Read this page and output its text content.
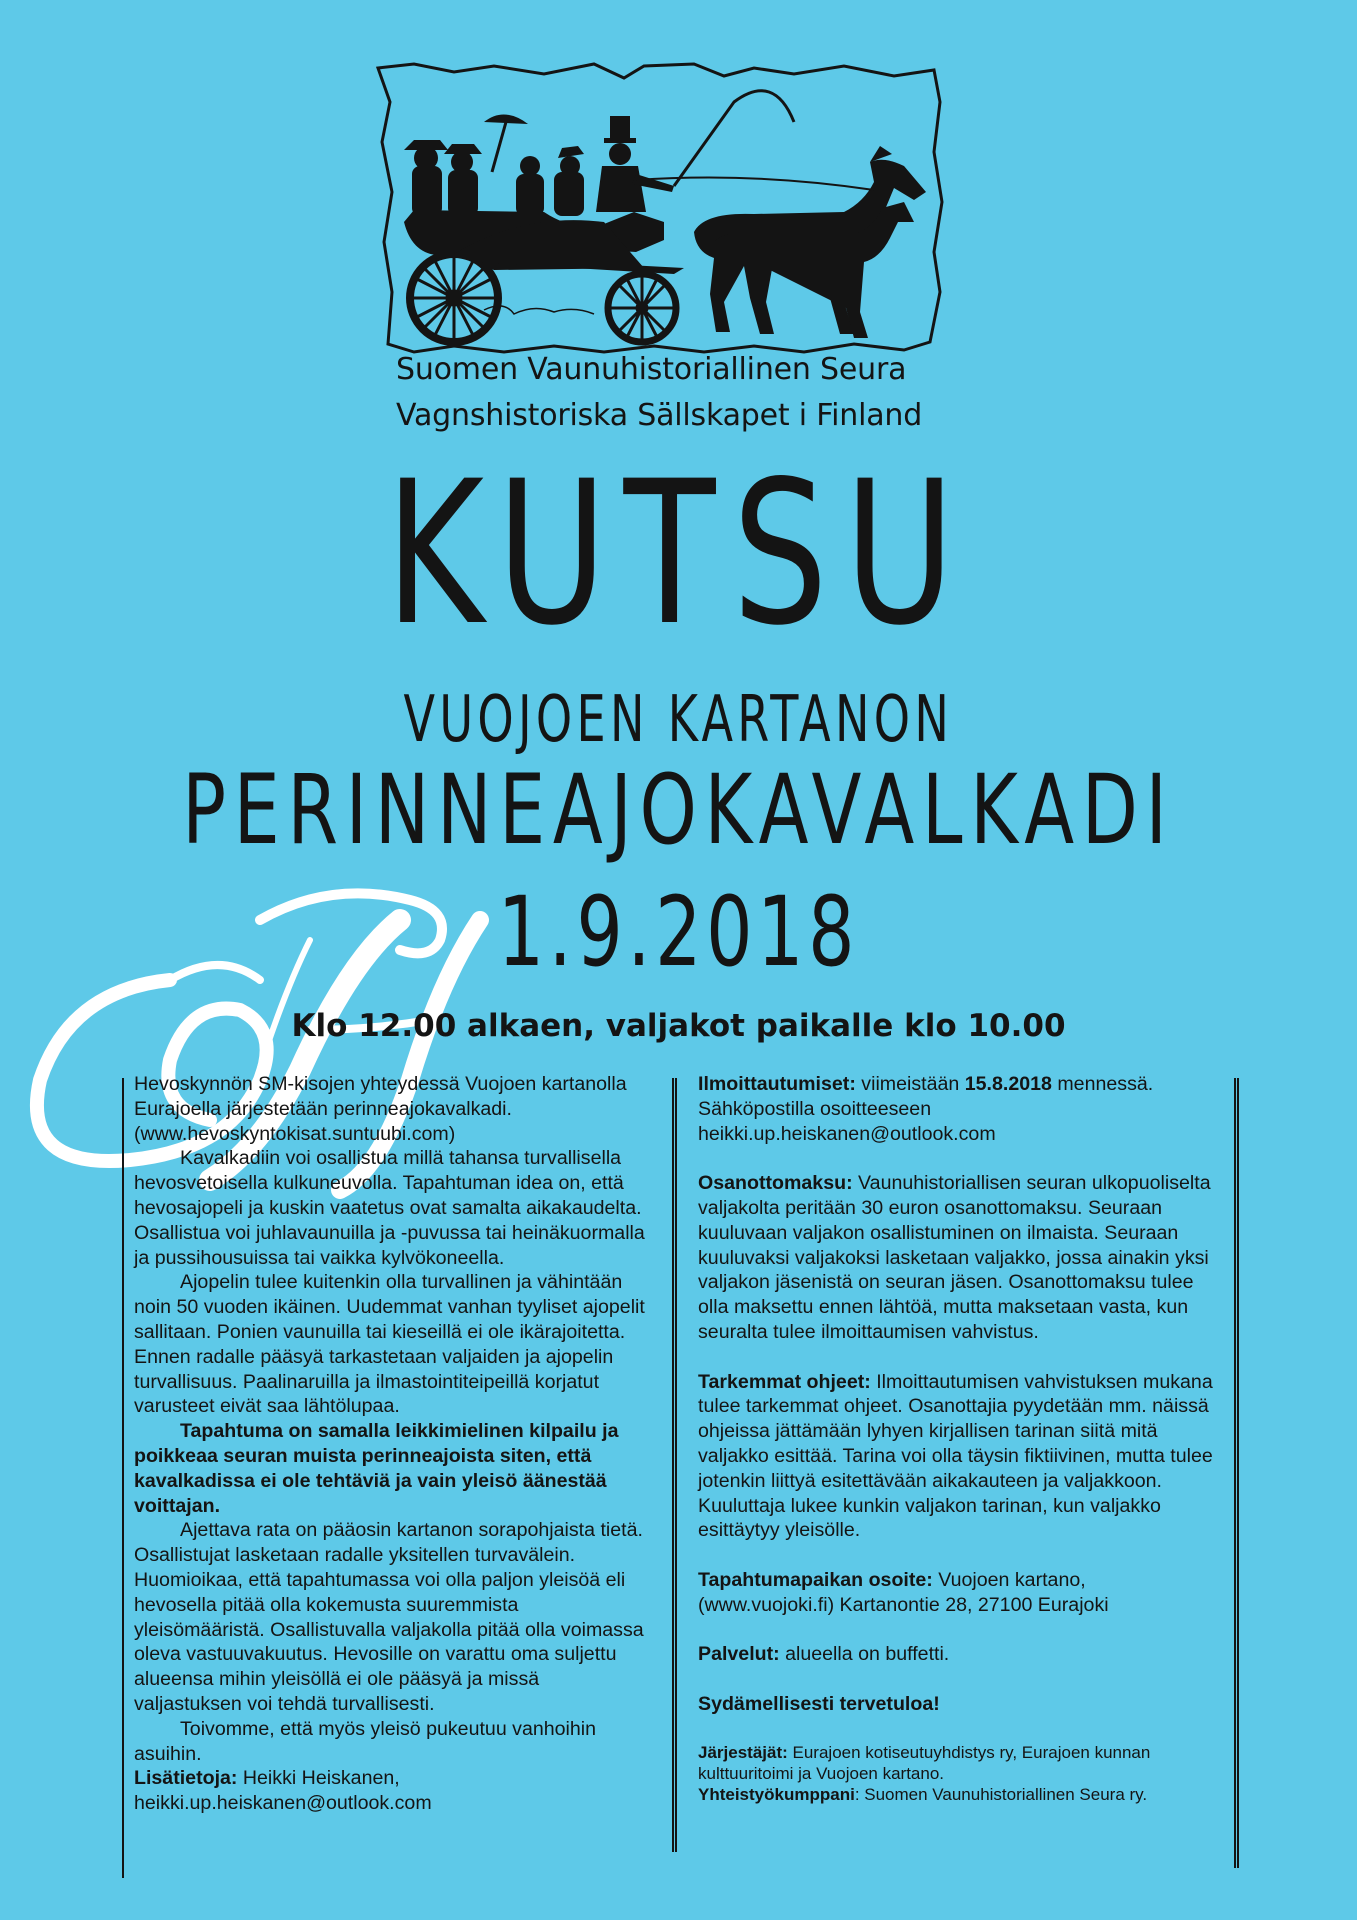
Suomen Vaunuhistoriallinen Seura
Vagnshistoriska Sällskapet i Finland
KUTSU
VUOJOEN KARTANON
PERINNEAJOKAVALKADI
1.9.2018
Klo 12.00 alkaen, valjakot paikalle klo 10.00

Hevoskynnön SM-kisojen yhteydessä Vuojoen kartanolla Eurajoella järjestetään perinneajokavalkadi. (www.hevoskyntokisat.suntuubi.com)

Kavalkadiin voi osallistua millä tahansa turvallisella hevosvetoisella kulkuneuvolla. Tapahtuman idea on, että hevosajopeli ja kuskin vaatetus ovat samalta aikakaudelta. Osallistua voi juhlavaunuilla ja -puvussa tai heinäkuormalla ja pussihousuissa tai vaikka kylvökoneella.

Ajopelin tulee kuitenkin olla turvallinen ja vähintään noin 50 vuoden ikäinen. Uudemmat vanhan tyyliset ajopelit sallitaan. Ponien vaunuilla tai kieseillä ei ole ikärajoitetta. Ennen radalle pääsyä tarkastetaan valjaiden ja ajopelin turvallisuus. Paalinaruilla ja ilmastointiteipeillä korjatut varusteet eivät saa lähtölupaa.

Tapahtuma on samalla leikkimielinen kilpailu ja poikkeaa seuran muista perinneajoista siten, että kavalkadissa ei ole tehtäviä ja vain yleisö äänestää voittajan.

Ajettava rata on pääosin kartanon sorapohjaista tietä. Osallistujat lasketaan radalle yksitellen turvavälein. Huomioikaa, että tapahtumassa voi olla paljon yleisöä eli hevosella pitää olla kokemusta suuremmista yleisömääristä. Osallistuvalla valjakolla pitää olla voimassa oleva vastuuvakuutus. Hevosille on varattu oma suljettu alueensa mihin yleisöllä ei ole pääsyä ja missä valjastuksen voi tehdä turvallisesti.

Toivomme, että myös yleisö pukeutuu vanhoihin asuihin.

Lisätietoja: Heikki Heiskanen,

heikki.up.heiskanen@outlook.com

Ilmoittautumiset: viimeistään 15.8.2018 mennessä. Sähköpostilla osoitteeseen

heikki.up.heiskanen@outlook.com

Osanottomaksu: Vaunuhistoriallisen seuran ulkopuoliselta valjakolta peritään 30 euron osanottomaksu. Seuraan kuuluvaan valjakon osallistuminen on ilmaista. Seuraan kuuluvaksi valjakoksi lasketaan valjakko, jossa ainakin yksi valjakon jäsenistä on seuran jäsen. Osanottomaksu tulee olla maksettu ennen lähtöä, mutta maksetaan vasta, kun seuralta tulee ilmoittaumisen vahvistus.

Tarkemmat ohjeet: Ilmoittautumisen vahvistuksen mukana tulee tarkemmat ohjeet. Osanottajia pyydetään mm. näissä ohjeissa jättämään lyhyen kirjallisen tarinan siitä mitä valjakko esittää. Tarina voi olla täysin fiktiivinen, mutta tulee jotenkin liittyä esitettävään aikakauteen ja valjakkoon. Kuuluttaja lukee kunkin valjakon tarinan, kun valjakko esittäytyy yleisölle.

Tapahtumapaikan osoite: Vuojoen kartano, (www.vuojoki.fi) Kartanontie 28, 27100 Eurajoki

Palvelut: alueella on buffetti.

Sydämellisesti tervetuloa!

Järjestäjät: Eurajoen kotiseutuyhdistys ry, Eurajoen kunnan kulttuuritoimi ja Vuojoen kartano.

Yhteistyökumppani: Suomen Vaunuhistoriallinen Seura ry.
